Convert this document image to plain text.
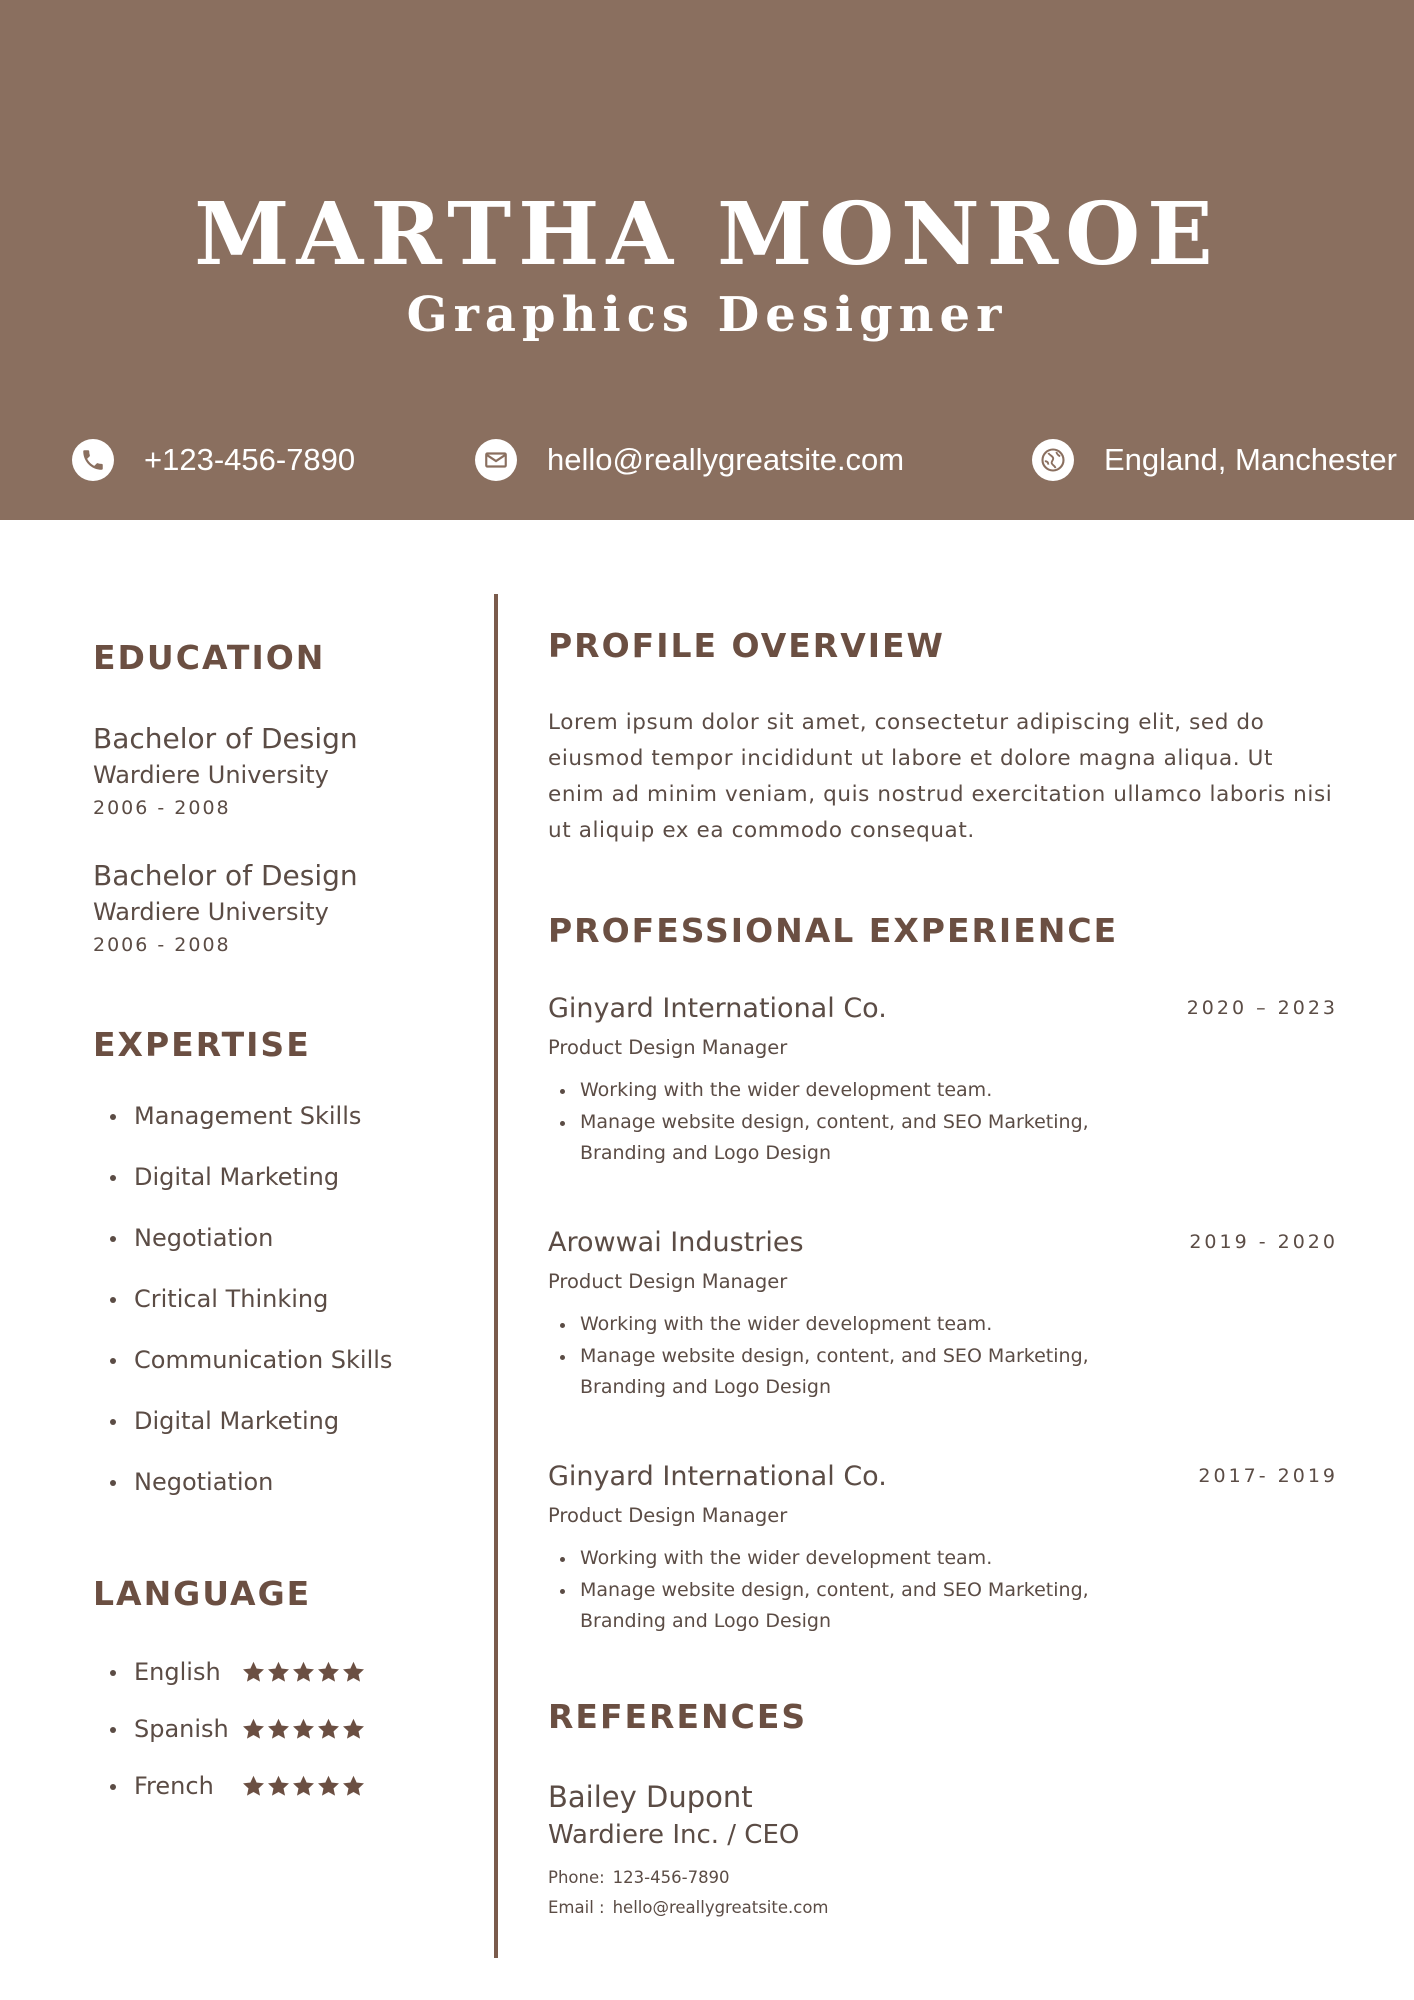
MARTHA MONROE
Graphics Designer
+123-456-7890	hello@reallygreatsite.com	England, Manchester
EDUCATION
Bachelor of Design
Wardiere University
2006 - 2008
Bachelor of Design
Wardiere University
2006 - 2008
EXPERTISE
Management Skills
Digital Marketing
Negotiation
Critical Thinking
Communication Skills
Digital Marketing
Negotiation
LANGUAGE
English
Spanish
French
PROFILE OVERVIEW
Lorem ipsum dolor sit amet, consectetur adipiscing elit, sed do
eiusmod tempor incididunt ut labore et dolore magna aliqua. Ut
enim ad minim veniam, quis nostrud exercitation ullamco laboris nisi
ut aliquip ex ea commodo consequat.
PROFESSIONAL EXPERIENCE
Ginyard International Co.	2020 – 2023
Product Design Manager
Working with the wider development team.
Manage website design, content, and SEO Marketing,
Branding and Logo Design
Arowwai Industries	2019 - 2020
Product Design Manager
Working with the wider development team.
Manage website design, content, and SEO Marketing,
Branding and Logo Design
Ginyard International Co.	2017- 2019
Product Design Manager
Working with the wider development team.
Manage website design, content, and SEO Marketing,
Branding and Logo Design
REFERENCES
Bailey Dupont
Wardiere Inc. / CEO
Phone: 123-456-7890
Email : hello@reallygreatsite.com
